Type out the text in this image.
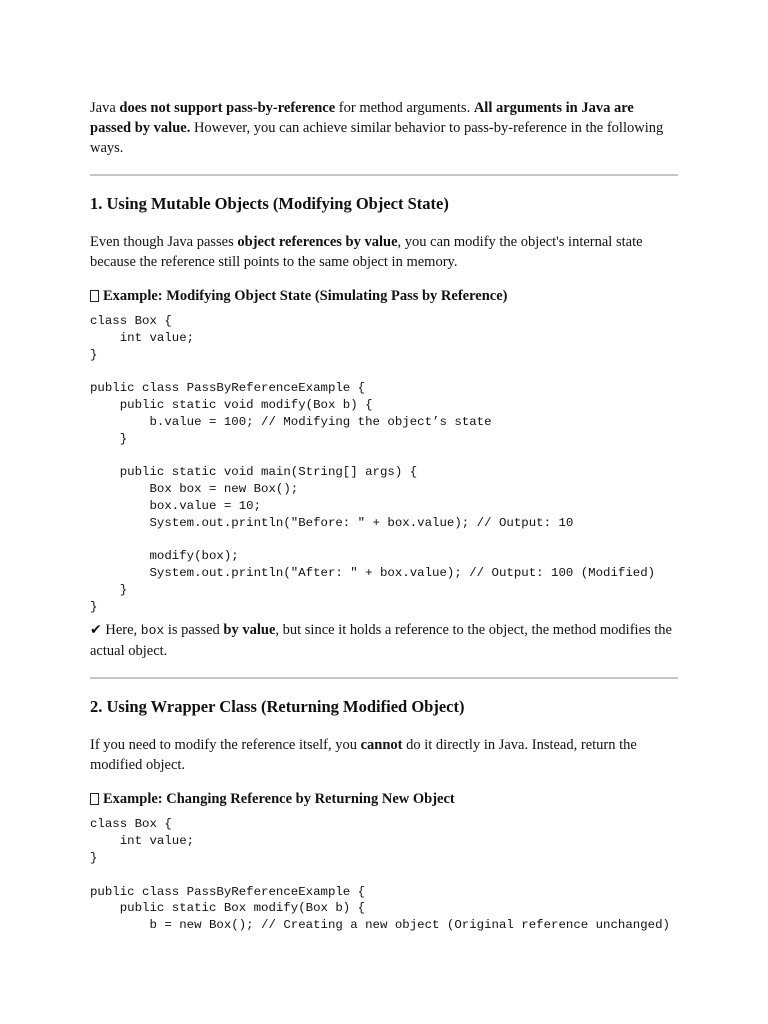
Java does not support pass-by-reference for method arguments. All arguments in Java are passed by value. However, you can achieve similar behavior to pass-by-reference in the following ways.

1. Using Mutable Objects (Modifying Object State)

Even though Java passes object references by value, you can modify the object's internal state because the reference still points to the same object in memory.

Example: Modifying Object State (Simulating Pass by Reference)
class Box {
int value;
}

public class PassByReferenceExample {
public static void modify(Box b) {
b.value = 100; // Modifying the object’s state
}

public static void main(String[] args) {
Box box = new Box();
box.value = 10;
System.out.println("Before: " + box.value); // Output: 10

modify(box);
System.out.println("After: " + box.value); // Output: 100 (Modified)
}
}

✔ Here, box is passed by value, but since it holds a reference to the object, the method modifies the actual object.

2. Using Wrapper Class (Returning Modified Object)

If you need to modify the reference itself, you cannot do it directly in Java. Instead, return the modified object.

Example: Changing Reference by Returning New Object
class Box {
int value;
}

public class PassByReferenceExample {
public static Box modify(Box b) {
b = new Box(); // Creating a new object (Original reference unchanged)
